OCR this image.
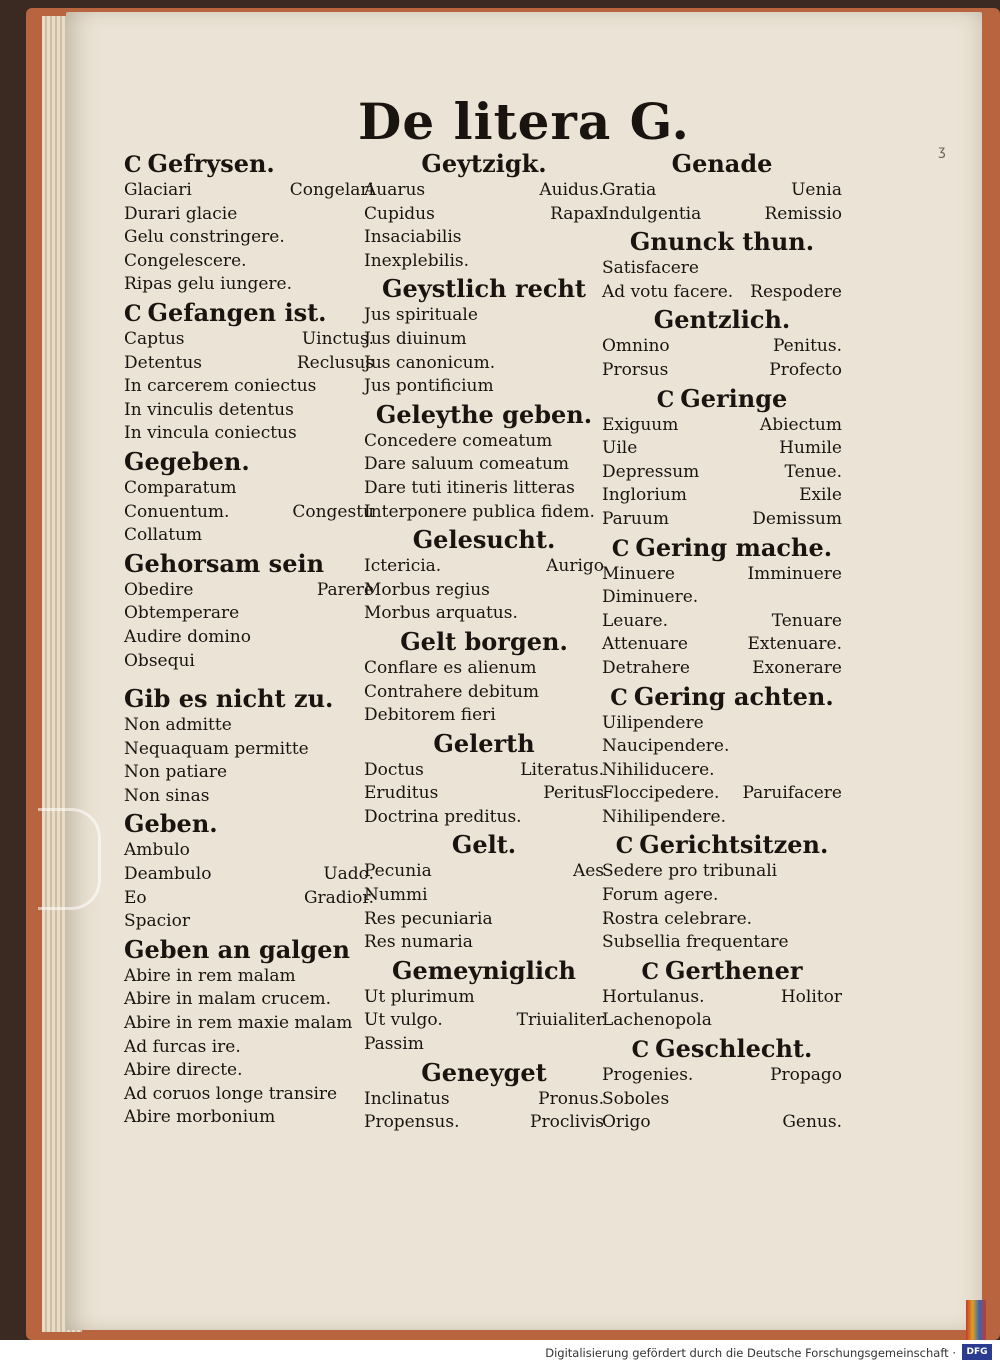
De litera G.
ʒ
C Gefrysen.
Glaciari	Congelari
Durari glacie
Gelu constringere.
Congelescere.
Ripas gelu iungere.
C Gefangen ist.
Captus	Uinctus.
Detentus	Reclusus
In carcerem coniectus
In vinculis detentus
In vincula coniectus
Gegeben.
Comparatum
Conuentum.	Congestu
Collatum
Gehorsam sein
Obedire	Parere
Obtemperare
Audire domino
Obsequi
Gib es nicht zu.
Non admitte
Nequaquam permitte
Non patiare
Non sinas
Geben.
Ambulo
Deambulo	Uado.
Eo	Gradior.
Spacior
Geben an galgen
Abire in rem malam
Abire in malam crucem.
Abire in rem maxie malam
Ad furcas ire.
Abire directe.
Ad coruos longe transire
Abire morbonium
Geytzigk.
Auarus	Auidus.
Cupidus	Rapax
Insaciabilis
Inexplebilis.
Geystlich recht
Jus spirituale
Jus diuinum
Jus canonicum.
Jus pontificium
Geleythe geben.
Concedere comeatum
Dare saluum comeatum
Dare tuti itineris litteras
Interponere publica fidem.
Gelesucht.
Ictericia.	Aurigo
Morbus regius
Morbus arquatus.
Gelt borgen.
Conflare es alienum
Contrahere debitum
Debitorem fieri
Gelerth
Doctus	Literatus.
Eruditus	Peritus
Doctrina preditus.
Gelt.
Pecunia	Aes
Nummi
Res pecuniaria
Res numaria
Gemeyniglich
Ut plurimum
Ut vulgo.	Triuialiter
Passim
Geneyget
Inclinatus	Pronus.
Propensus.	Proclivis
Genade
Gratia	Uenia
Indulgentia	Remissio
Gnunck thun.
Satisfacere
Ad votu facere. Respodere
Gentzlich.
Omnino	Penitus.
Prorsus	Profecto
C Geringe
Exiguum	Abiectum
Uile	Humile
Depressum	Tenue.
Inglorium	Exile
Paruum	Demissum
C Gering mache.
Minuere	Imminuere
Diminuere.
Leuare.	Tenuare
Attenuare	Extenuare.
Detrahere	Exonerare
C Gering achten.
Uilipendere
Naucipendere.
Nihiliducere.
Floccipedere. Paruifacere
Nihilipendere.
C Gerichtsitzen.
Sedere pro tribunali
Forum agere.
Rostra celebrare.
Subsellia frequentare
C Gerthener
Hortulanus.	Holitor
Lachenopola
C Geschlecht.
Progenies.	Propago
Soboles
Origo	Genus.
Digitalisierung gefördert durch die Deutsche Forschungsgemeinschaft ·	DFG
